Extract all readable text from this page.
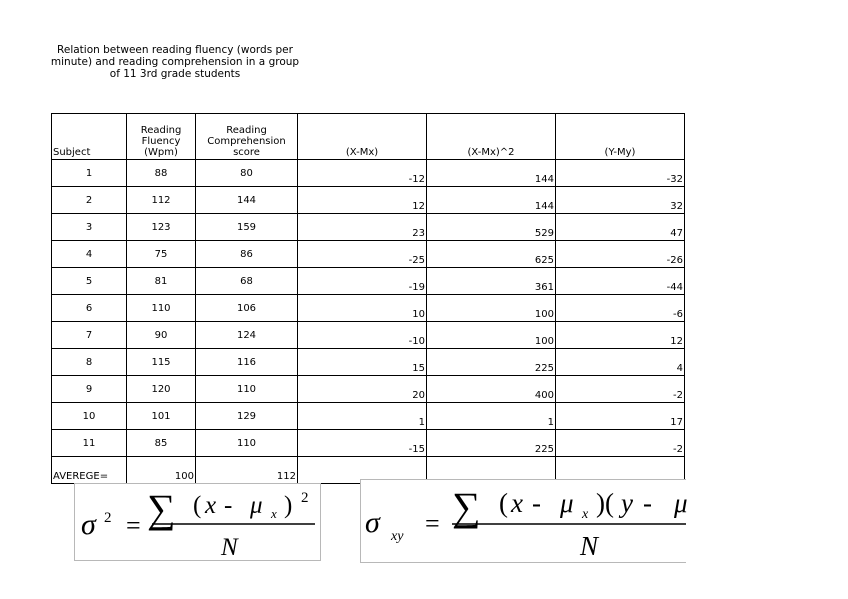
Relation between reading fluency (words per minute) and reading comprehension in a group of 11 3rd grade students
Subject	Reading Fluency (Wpm)	Reading Comprehension score	(X-Mx)	(X-Mx)^2	(Y-My)
1	88	80	-12	144	-32
2	112	144	12	144	32
3	123	159	23	529	47
4	75	86	-25	625	-26
5	81	68	-19	361	-44
6	110	106	10	100	-6
7	90	124	-10	100	12
8	115	116	15	225	4
9	120	110	20	400	-2
10	101	129	1	1	17
11	85	110	-15	225	-2
AVEREGE=	100	112			
σ 2 = ∑ ( x - μ x ) 2
N
σ xy = ∑ ( x - μ x )( y - μ
N
